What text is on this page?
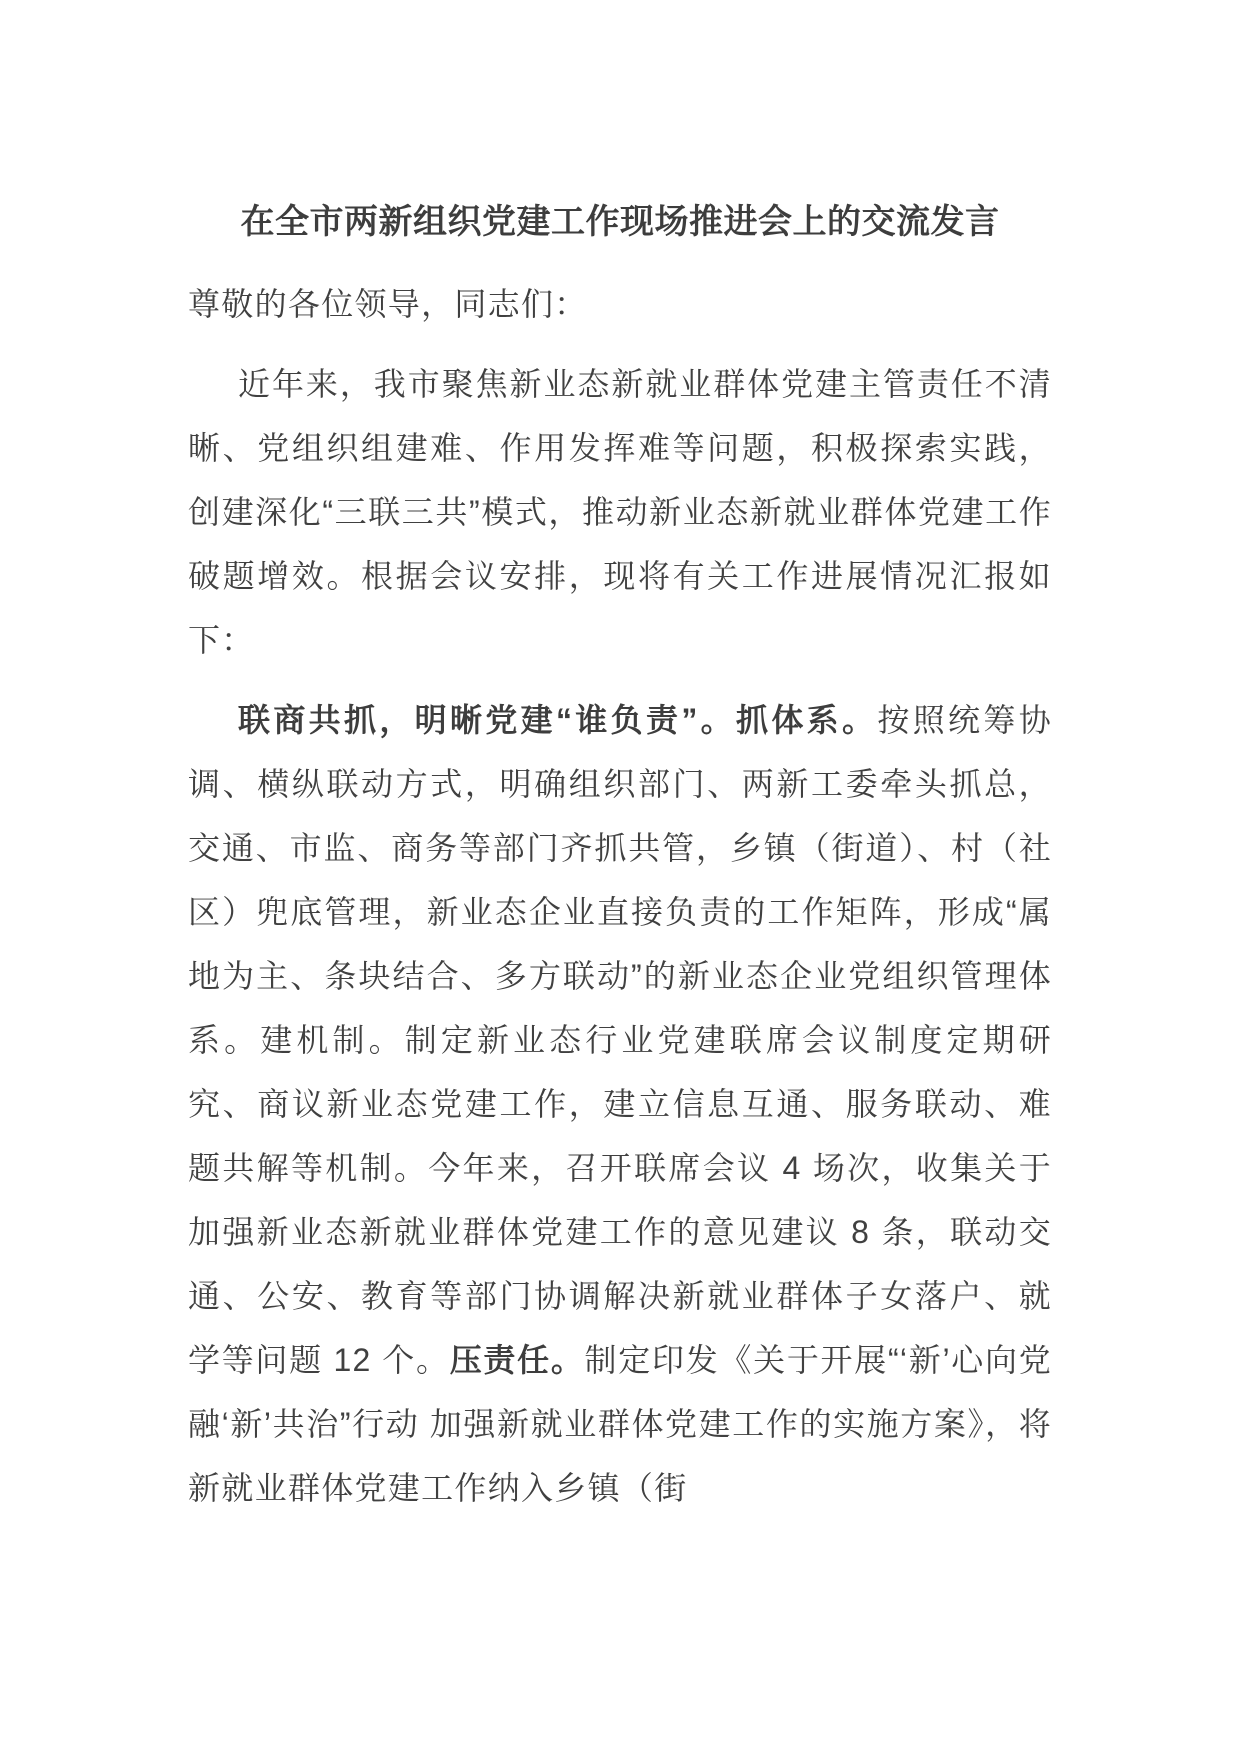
在全市两新组织党建工作现场推进会上的交流发言

尊敬的各位领导，同志们：

近年来，我市聚焦新业态新就业群体党建主管责任不清晰、党组织组建难、作用发挥难等问题，积极探索实践，创建深化“三联三共”模式，推动新业态新就业群体党建工作破题增效。根据会议安排，现将有关工作进展情况汇报如下：

联商共抓，明晰党建“谁负责”。抓体系。按照统筹协调、横纵联动方式，明确组织部门、两新工委牵头抓总，交通、市监、商务等部门齐抓共管，乡镇（街道）、村（社区）兜底管理，新业态企业直接负责的工作矩阵，形成“属地为主、条块结合、多方联动”的新业态企业党组织管理体系。建机制。制定新业态行业党建联席会议制度定期研究、商议新业态党建工作，建立信息互通、服务联动、难题共解等机制。今年来，召开联席会议 4 场次，收集关于加强新业态新就业群体党建工作的意见建议 8 条，联动交通、公安、教育等部门协调解决新就业群体子女落户、就学等问题 12 个。压责任。制定印发《关于开展“‘新’心向党 融‘新’共治”行动 加强新就业群体党建工作的实施方案》，将新就业群体党建工作纳入乡镇（街
